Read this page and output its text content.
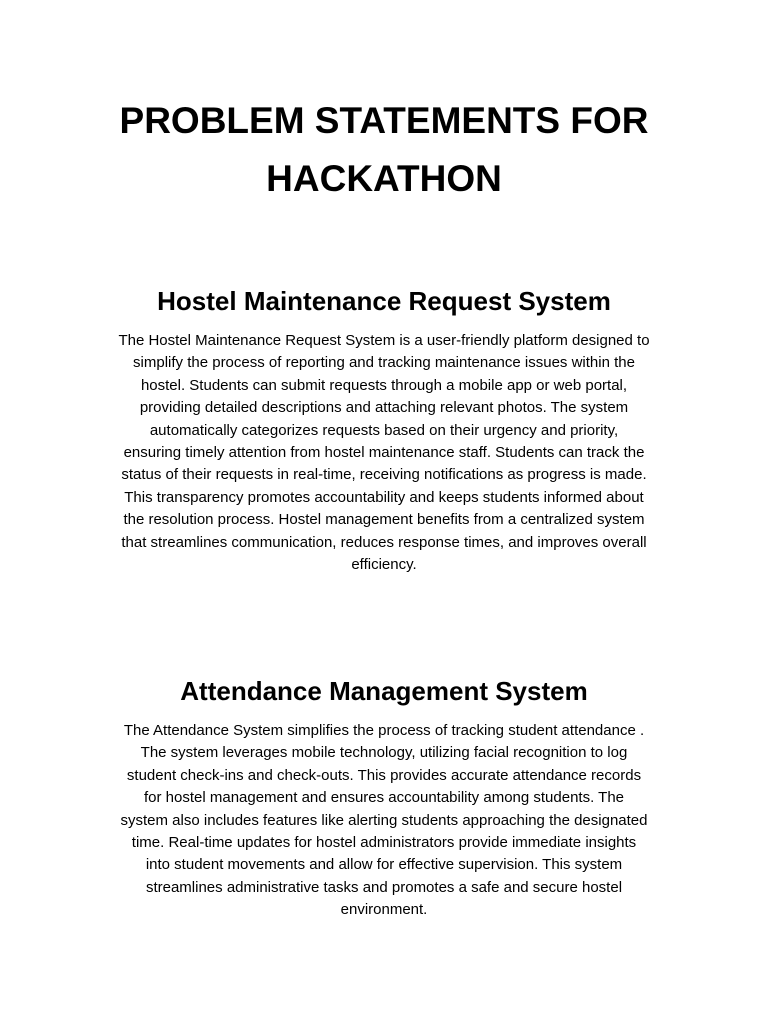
PROBLEM STATEMENTS FOR
HACKATHON
Hostel Maintenance Request System

The Hostel Maintenance Request System is a user-friendly platform designed to
simplify the process of reporting and tracking maintenance issues within the
hostel. Students can submit requests through a mobile app or web portal,
providing detailed descriptions and attaching relevant photos. The system
automatically categorizes requests based on their urgency and priority,
ensuring timely attention from hostel maintenance staff. Students can track the
status of their requests in real-time, receiving notifications as progress is made.
This transparency promotes accountability and keeps students informed about
the resolution process. Hostel management benefits from a centralized system
that streamlines communication, reduces response times, and improves overall
efficiency.

Attendance Management System

The Attendance System simplifies the process of tracking student attendance .
The system leverages mobile technology, utilizing facial recognition to log
student check-ins and check-outs. This provides accurate attendance records
for hostel management and ensures accountability among students. The
system also includes features like alerting students approaching the designated
time. Real-time updates for hostel administrators provide immediate insights
into student movements and allow for effective supervision. This system
streamlines administrative tasks and promotes a safe and secure hostel
environment.
